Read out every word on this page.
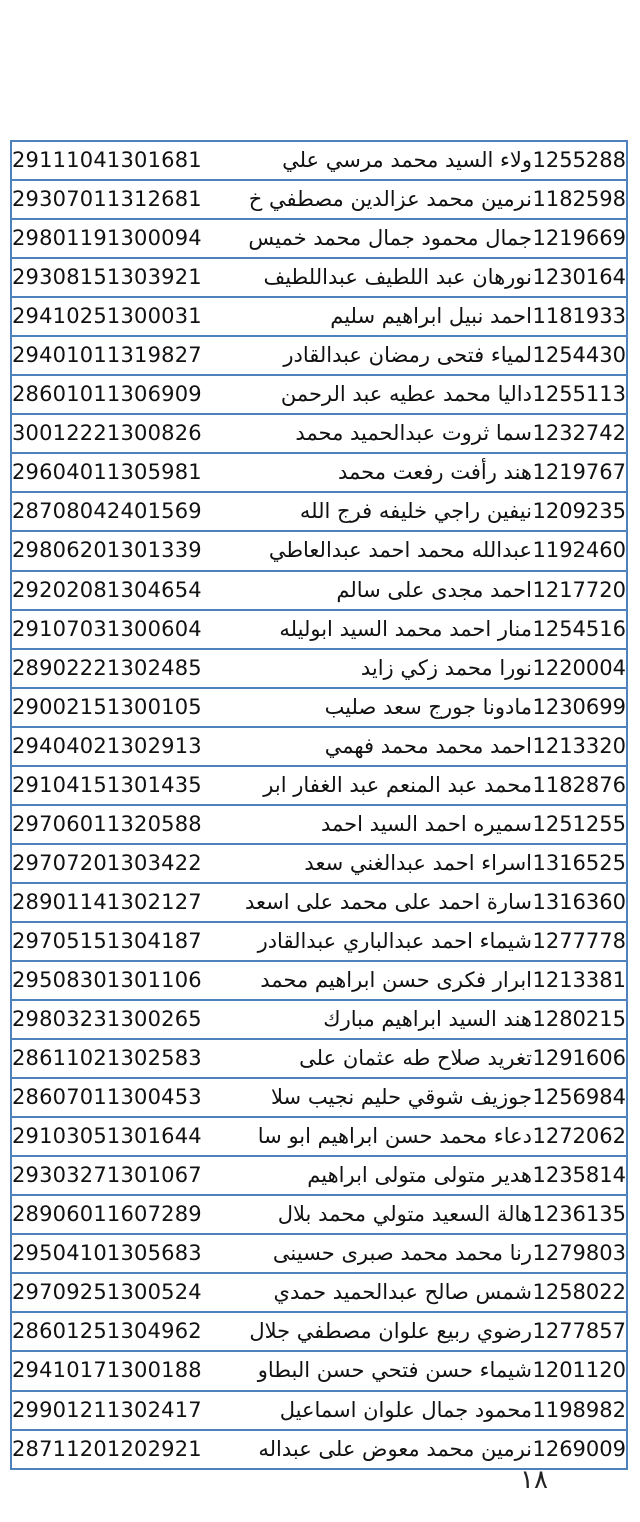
29111041301681	ولاء السيد محمد مرسي علي	1255288
29307011312681	نرمين محمد عزالدين مصطفي خ	1182598
29801191300094	جمال محمود جمال محمد خميس	1219669
29308151303921	نورهان عبد اللطيف عبداللطيف	1230164
29410251300031	احمد نبيل ابراهيم سليم	1181933
29401011319827	لمياء فتحى رمضان عبدالقادر	1254430
28601011306909	داليا محمد عطيه عبد الرحمن	1255113
30012221300826	سما ثروت عبدالحميد محمد	1232742
29604011305981	هند رأفت رفعت محمد	1219767
28708042401569	نيفين راجي خليفه فرج الله	1209235
29806201301339	عبدالله محمد احمد عبدالعاطي	1192460
29202081304654	احمد مجدى على سالم	1217720
29107031300604	منار احمد محمد السيد ابوليله	1254516
28902221302485	نورا محمد زكي زايد	1220004
29002151300105	مادونا جورج سعد صليب	1230699
29404021302913	احمد محمد محمد فهمي	1213320
29104151301435	محمد عبد المنعم عبد الغفار ابر	1182876
29706011320588	سميره احمد السيد احمد	1251255
29707201303422	اسراء احمد عبدالغني سعد	1316525
28901141302127	سارة احمد على محمد على اسعد	1316360
29705151304187	شيماء احمد عبدالباري عبدالقادر	1277778
29508301301106	ابرار فكرى حسن ابراهيم محمد	1213381
29803231300265	هند السيد ابراهيم مبارك	1280215
28611021302583	تغريد صلاح طه عثمان على	1291606
28607011300453	جوزيف شوقي حليم نجيب سلا	1256984
29103051301644	دعاء محمد حسن ابراهيم ابو سا	1272062
29303271301067	هدير متولى متولى ابراهيم	1235814
28906011607289	هالة السعيد متولي محمد بلال	1236135
29504101305683	رنا محمد محمد صبرى حسينى	1279803
29709251300524	شمس صالح عبدالحميد حمدي	1258022
28601251304962	رضوي ربيع علوان مصطفي جلال	1277857
29410171300188	شيماء حسن فتحي حسن البطاو	1201120
29901211302417	محمود جمال علوان اسماعيل	1198982
28711201202921	نرمين محمد معوض على عبداله	1269009
١٨
